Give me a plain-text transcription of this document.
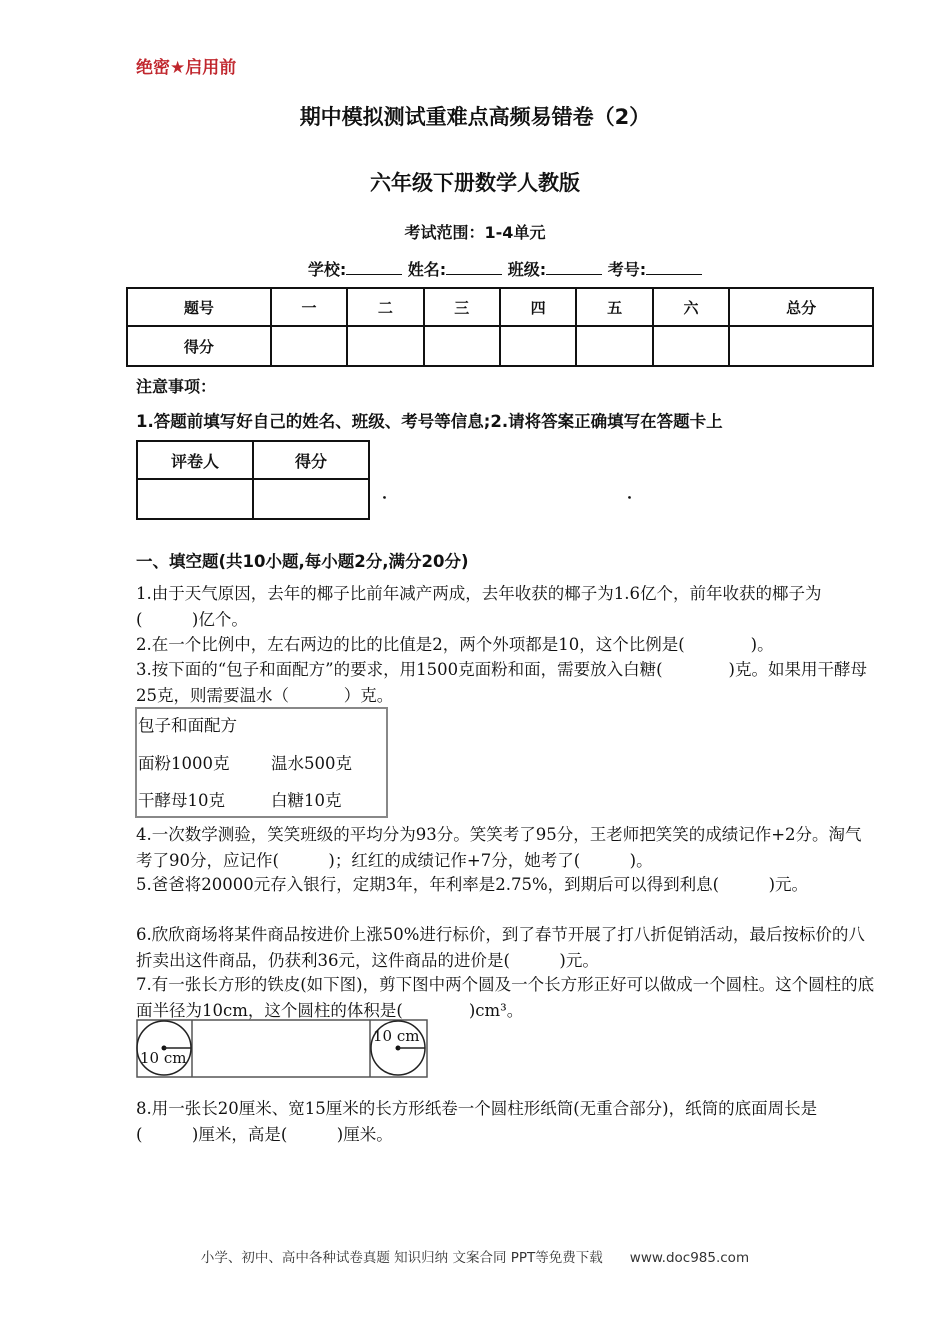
绝密★启用前
期中模拟测试重难点高频易错卷（2）
六年级下册数学人教版
考试范围：1-4单元
学校:	姓名:	班级:	考号:
题号	一	二	三	四	五	六	总分
得分							
注意事项：
1.答题前填写好自己的姓名、班级、考号等信息;2.请将答案正确填写在答题卡上
评卷人	得分

．	．
一、填空题(共10小题,每小题2分,满分20分)
1.由于天气原因，去年的椰子比前年减产两成，去年收获的椰子为1.6亿个，前年收获的椰子为(　　　)亿个。
2.在一个比例中，左右两边的比的比值是2，两个外项都是10，这个比例是(　　　　)。
3.按下面的“包子和面配方”的要求，用1500克面粉和面，需要放入白糖(　　　　)克。如果用干酵母25克，则需要温水（　　　 ）克。
包子和面配方
面粉1000克	温水500克
干酵母10克	白糖10克
4.一次数学测验，笑笑班级的平均分为93分。笑笑考了95分，王老师把笑笑的成绩记作+2分。淘气考了90分，应记作(　　　)；红红的成绩记作+7分，她考了(　　　)。
5.爸爸将20000元存入银行，定期3年，年利率是2.75%，到期后可以得到利息(　　　)元。
6.欣欣商场将某件商品按进价上涨50%进行标价，到了春节开展了打八折促销活动，最后按标价的八折卖出这件商品，仍获利36元，这件商品的进价是(　　　)元。
7.有一张长方形的铁皮(如下图)，剪下图中两个圆及一个长方形正好可以做成一个圆柱。这个圆柱的底面半径为10cm，这个圆柱的体积是(　　　　)cm³。
10 cm
10 cm
8.用一张长20厘米、宽15厘米的长方形纸卷一个圆柱形纸筒(无重合部分)，纸筒的底面周长是(　　　)厘米，高是(　　　)厘米。
小学、初中、高中各种试卷真题 知识归纳 文案合同 PPT等免费下载　　www.doc985.com
